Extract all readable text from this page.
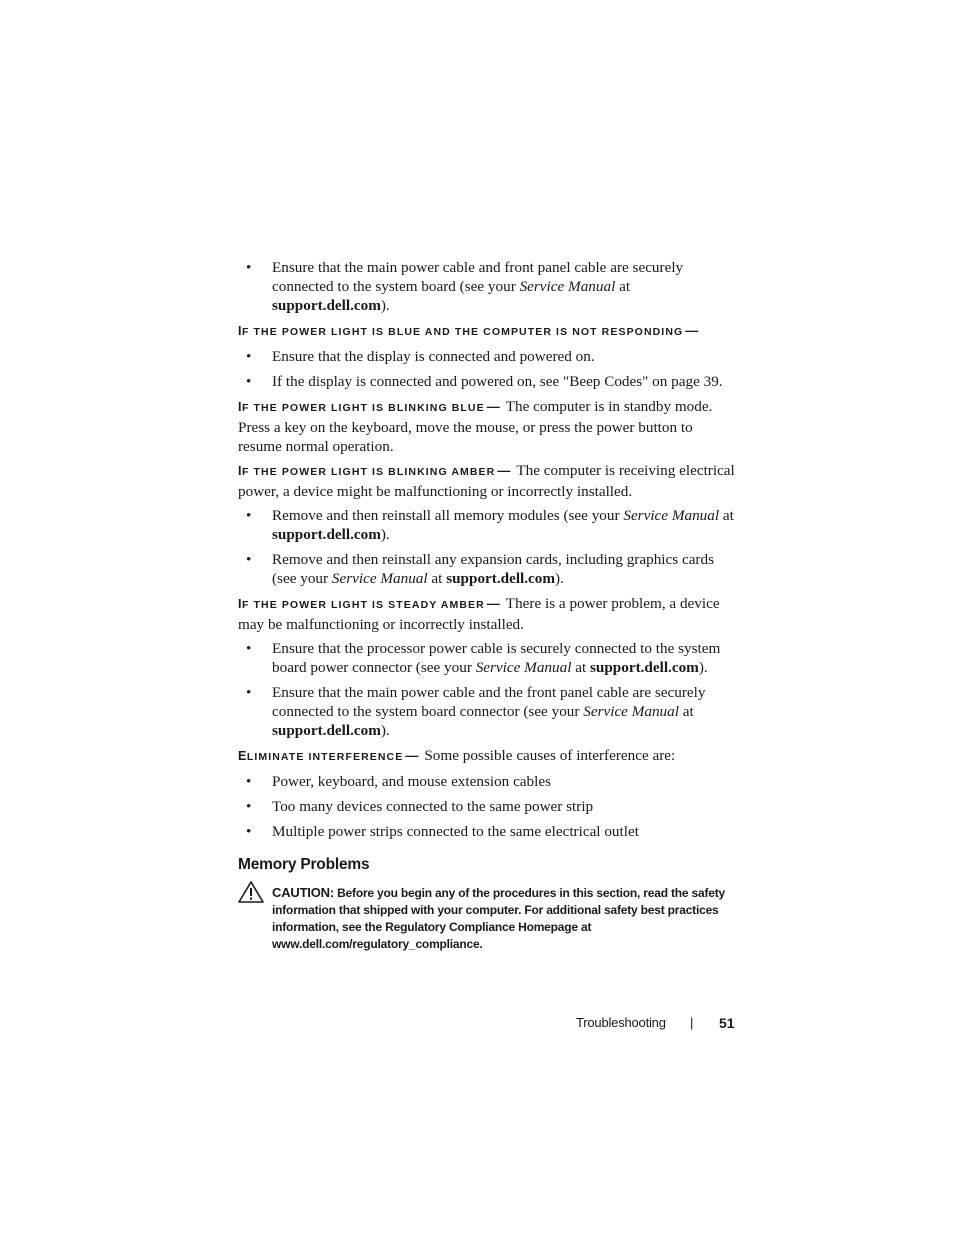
• Ensure that the main power cable and front panel cable are securely connected to the system board (see your Service Manual at support.dell.com).

IF THE POWER LIGHT IS BLUE AND THE COMPUTER IS NOT RESPONDING —

• Ensure that the display is connected and powered on.

• If the display is connected and powered on, see "Beep Codes" on page 39.

IF THE POWER LIGHT IS BLINKING BLUE — The computer is in standby mode. Press a key on the keyboard, move the mouse, or press the power button to resume normal operation.

IF THE POWER LIGHT IS BLINKING AMBER — The computer is receiving electrical power, a device might be malfunctioning or incorrectly installed.

• Remove and then reinstall all memory modules (see your Service Manual at support.dell.com).

• Remove and then reinstall any expansion cards, including graphics cards (see your Service Manual at support.dell.com).

IF THE POWER LIGHT IS STEADY AMBER — There is a power problem, a device may be malfunctioning or incorrectly installed.

• Ensure that the processor power cable is securely connected to the system board power connector (see your Service Manual at support.dell.com).

• Ensure that the main power cable and the front panel cable are securely connected to the system board connector (see your Service Manual at support.dell.com).

ELIMINATE INTERFERENCE — Some possible causes of interference are:

• Power, keyboard, and mouse extension cables

• Too many devices connected to the same power strip

• Multiple power strips connected to the same electrical outlet

Memory Problems
CAUTION: Before you begin any of the procedures in this section, read the safety information that shipped with your computer. For additional safety best practices information, see the Regulatory Compliance Homepage at www.dell.com/regulatory_compliance.
Troubleshooting | 51
